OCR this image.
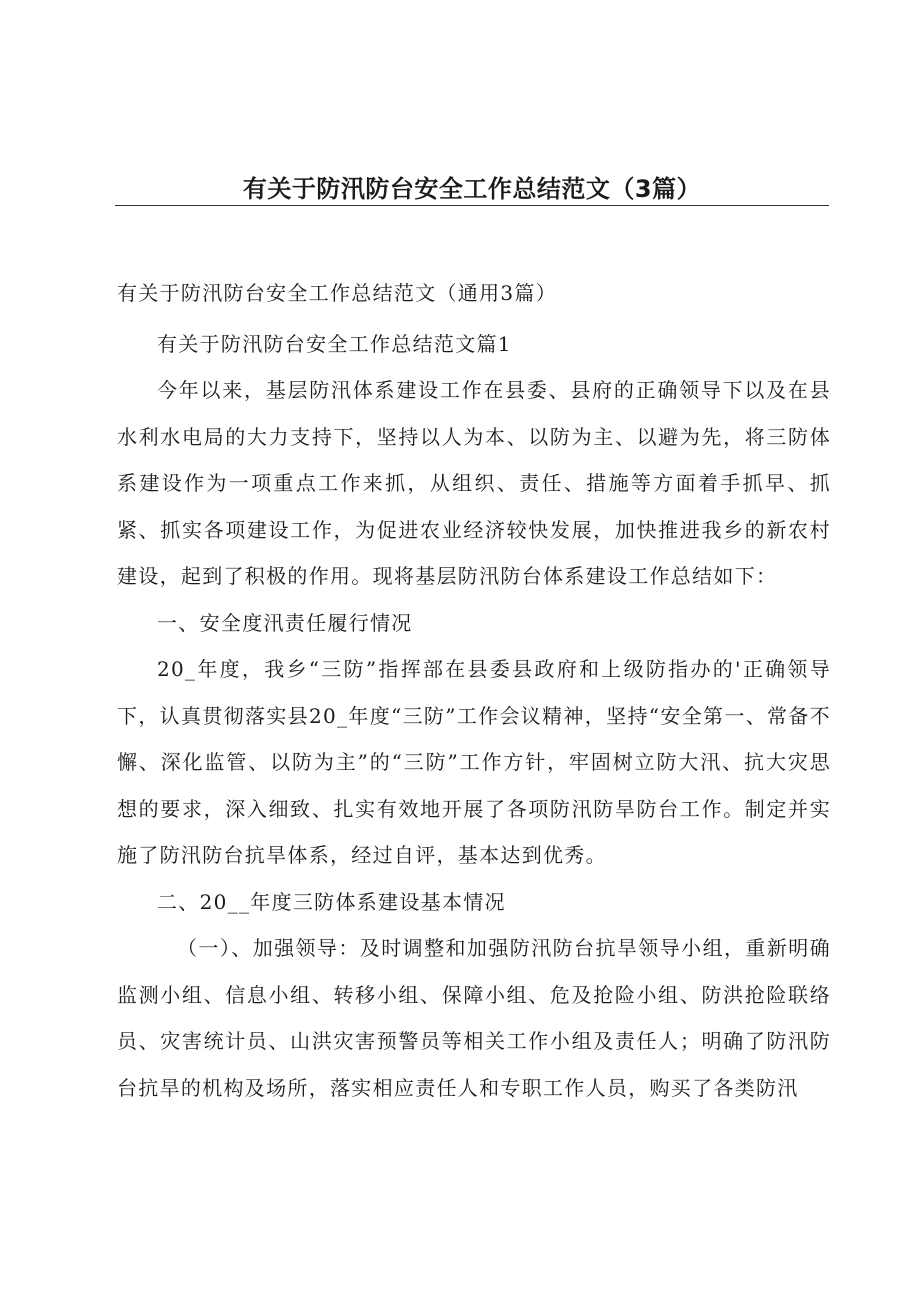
有关于防汛防台安全工作总结范文（3篇）

有关于防汛防台安全工作总结范文（通用3篇）

有关于防汛防台安全工作总结范文篇1

今年以来，基层防汛体系建设工作在县委、县府的正确领导下以及在县水利水电局的大力支持下，坚持以人为本、以防为主、以避为先，将三防体系建设作为一项重点工作来抓，从组织、责任、措施等方面着手抓早、抓紧、抓实各项建设工作，为促进农业经济较快发展，加快推进我乡的新农村建设，起到了积极的作用。现将基层防汛防台体系建设工作总结如下：

一、安全度汛责任履行情况

20_年度，我乡“三防”指挥部在县委县政府和上级防指办的'正确领导下，认真贯彻落实县20_年度“三防”工作会议精神，坚持“安全第一、常备不懈、深化监管、以防为主”的“三防”工作方针，牢固树立防大汛、抗大灾思想的要求，深入细致、扎实有效地开展了各项防汛防旱防台工作。制定并实施了防汛防台抗旱体系，经过自评，基本达到优秀。

二、20__年度三防体系建设基本情况

（一）、加强领导：及时调整和加强防汛防台抗旱领导小组，重新明确监测小组、信息小组、转移小组、保障小组、危及抢险小组、防洪抢险联络员、灾害统计员、山洪灾害预警员等相关工作小组及责任人；明确了防汛防台抗旱的机构及场所，落实相应责任人和专职工作人员，购买了各类防汛
